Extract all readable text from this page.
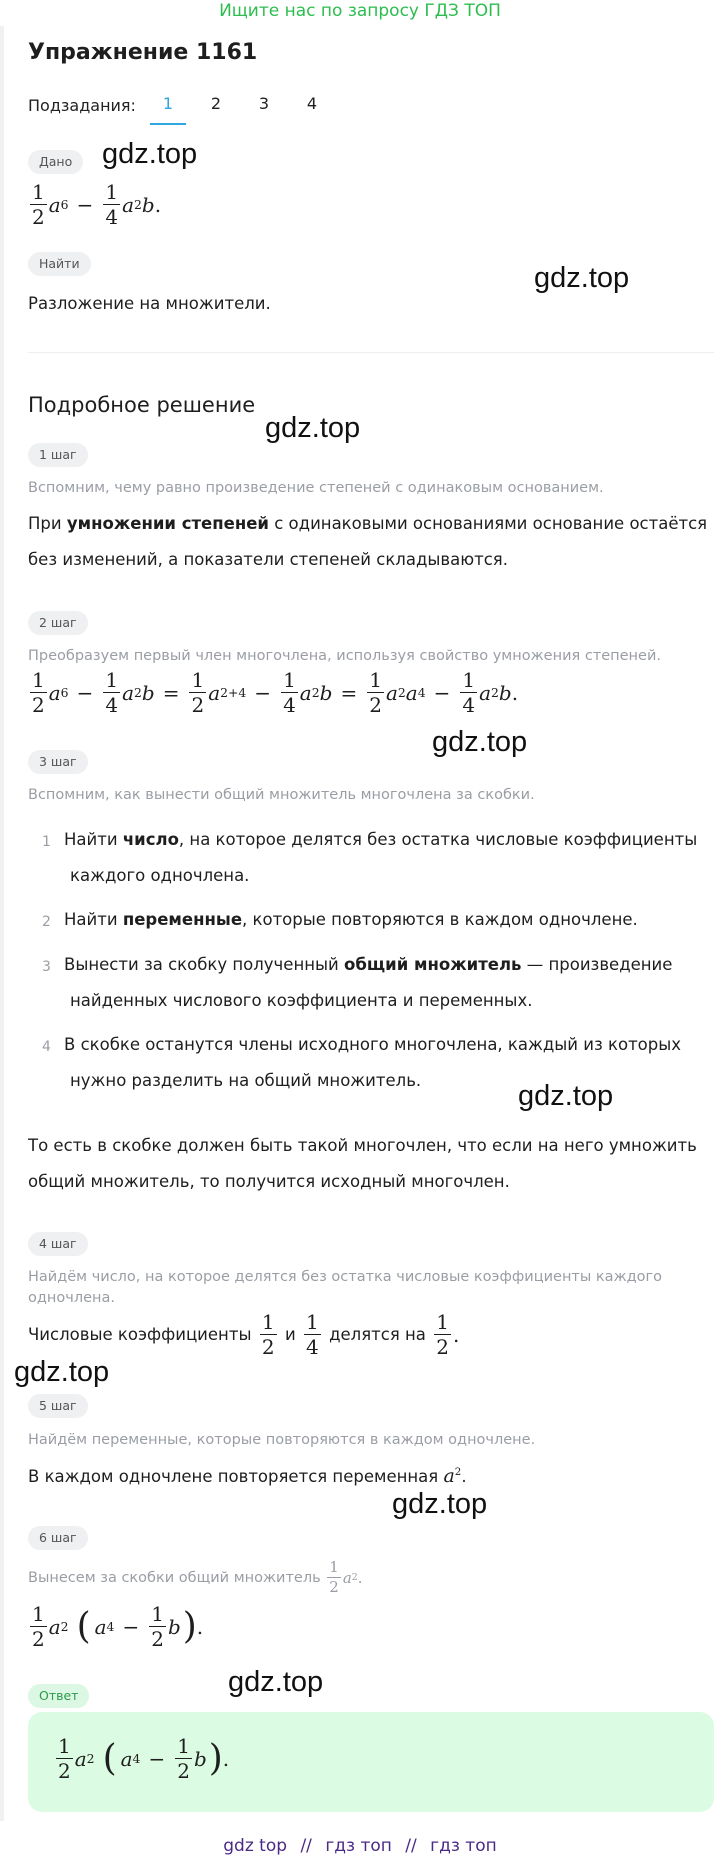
Ищите нас по запросу ГДЗ ТОП
Упражнение 1161
Подзадания:	1	2	3	4
Дано	gdz.top
$\frac{1}{2}$ a $6 - \frac{1}{4}$ a 2 b .
Найти	gdz.top
Разложение на множители.
Подробное решение
gdz.top
1 шаг
Вспомним, чему равно произведение степеней с одинаковым основанием.
При умножении степеней с одинаковыми основаниями основание остаётся
без изменений, а показатели степеней складываются.
2 шаг
Преобразуем первый член многочлена, используя свойство умножения степеней.
$\frac{1}{2}$ a $6 - \frac{1}{4}$ a 2 $b = \frac{1}{2}$ a $2+4 - \frac{1}{4}$ a 2 $b = \frac{1}{2}$ a 2 a $4 - \frac{1}{4}$ a 2 b .
gdz.top
3 шаг
Вспомним, как вынести общий множитель многочлена за скобки.
1 Найти число, на которое делятся без остатка числовые коэффициенты
каждого одночлена.
2 Найти переменные, которые повторяются в каждом одночлене.
3 Вынести за скобку полученный общий множитель — произведение
найденных числового коэффициента и переменных.
4 В скобке останутся члены исходного многочлена, каждый из которых
нужно разделить на общий множитель.	gdz.top
То есть в скобке должен быть такой многочлен, что если на него умножить
общий множитель, то получится исходный многочлен.
4 шаг
Найдём число, на которое делятся без остатка числовые коэффициенты каждого
одночлена.
Числовые коэффициенты
$\frac{1}{2}$
и
$\frac{1}{4}$
делятся на
$\frac{1}{2}$ .
gdz.top
5 шаг
Найдём переменные, которые повторяются в каждом одночлене.
В каждом одночлене повторяется переменная $a^2$.
gdz.top
6 шаг
Вынесем за скобки общий множитель
$\frac{1}{2}$ a 2 .
$\frac{1}{2}$ a 2 ( a $4 - \frac{1}{2}$ b ) .
gdz.top
Ответ
$\frac{1}{2}$ a 2 ( a $4 - \frac{1}{2}$ b ) .
gdz top // гдз топ // гдз топ
